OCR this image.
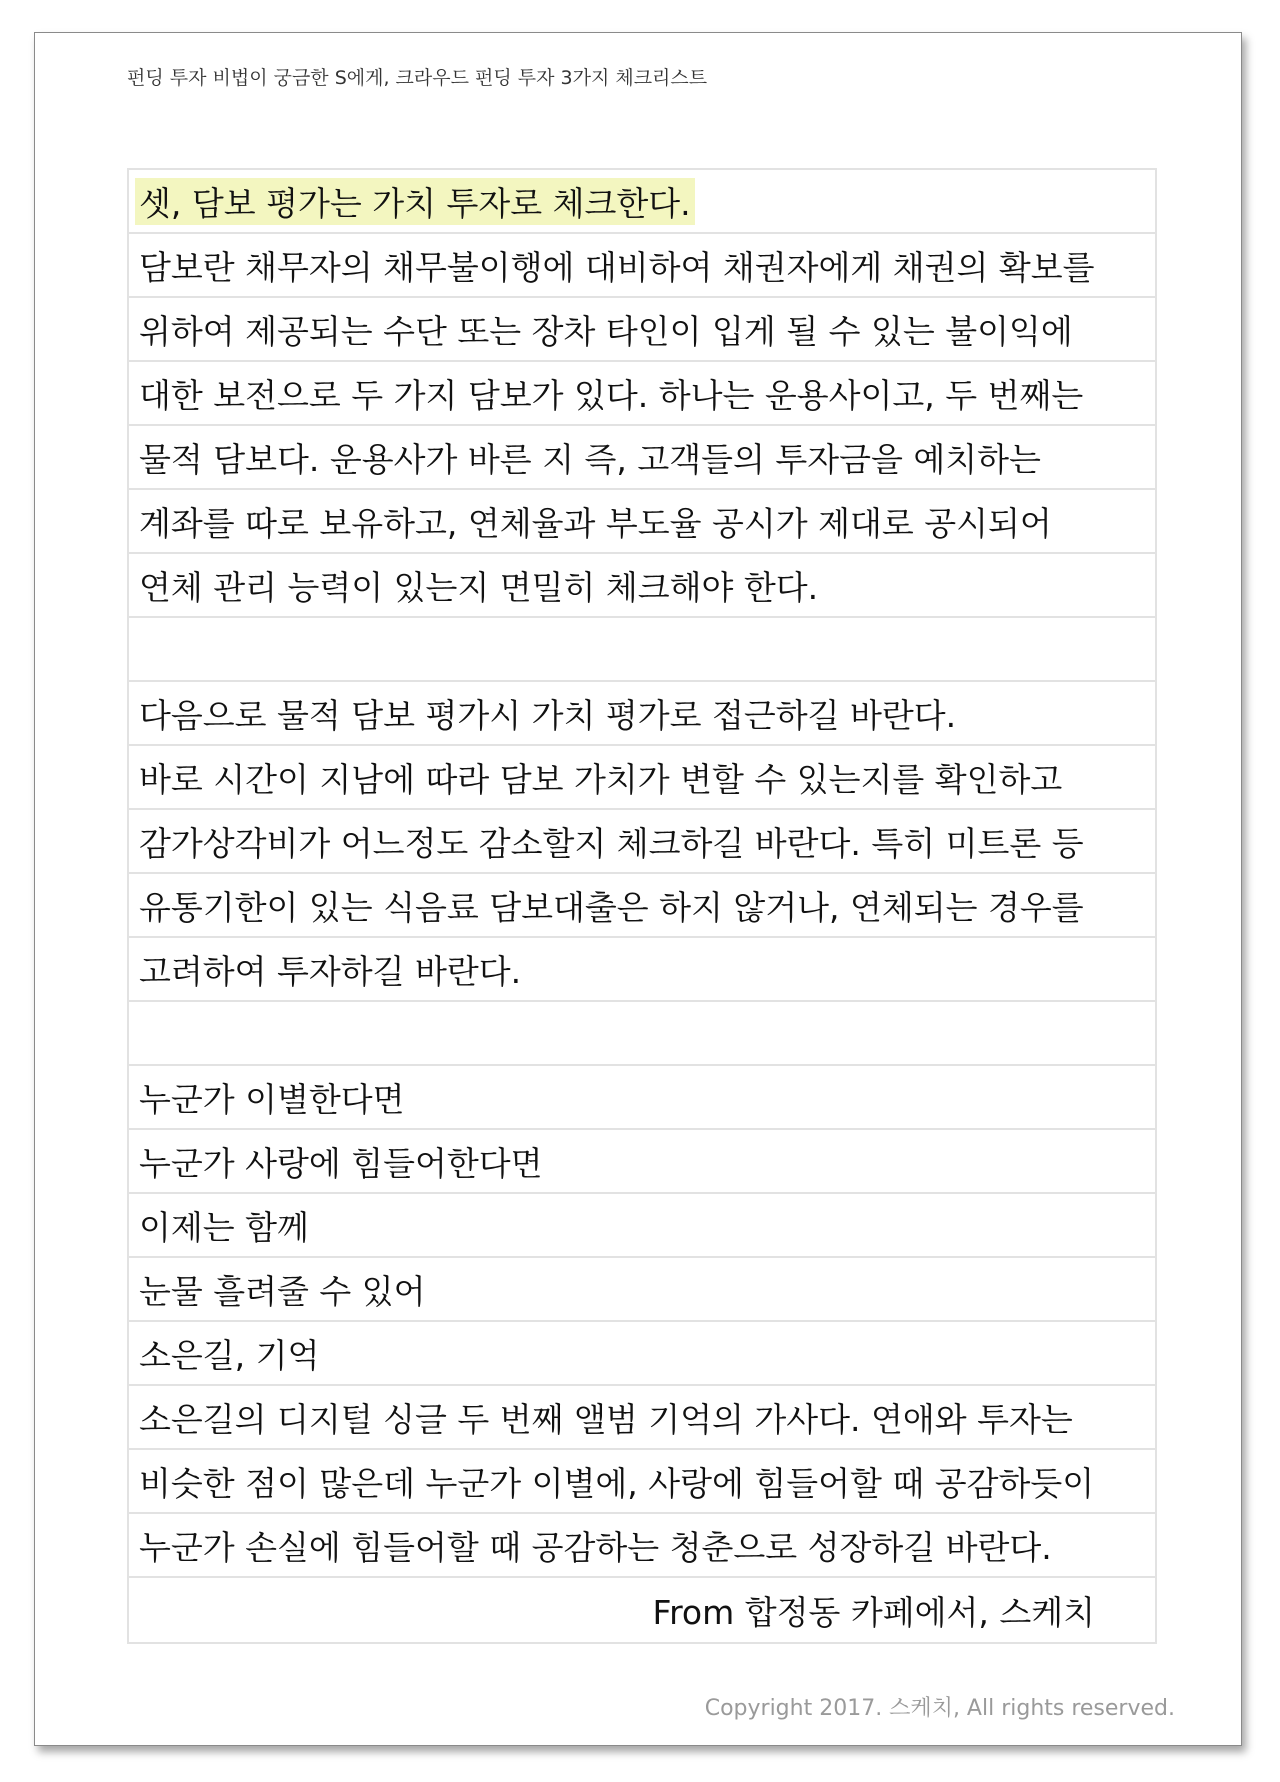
펀딩 투자 비법이 궁금한 S에게, 크라우드 펀딩 투자 3가지 체크리스트
셋, 담보 평가는 가치 투자로 체크한다.
담보란 채무자의 채무불이행에 대비하여 채권자에게 채권의 확보를
위하여 제공되는 수단 또는 장차 타인이 입게 될 수 있는 불이익에
대한 보전으로 두 가지 담보가 있다. 하나는 운용사이고, 두 번째는
물적 담보다. 운용사가 바른 지 즉, 고객들의 투자금을 예치하는
계좌를 따로 보유하고, 연체율과 부도율 공시가 제대로 공시되어
연체 관리 능력이 있는지 면밀히 체크해야 한다.
다음으로 물적 담보 평가시 가치 평가로 접근하길 바란다.
바로 시간이 지남에 따라 담보 가치가 변할 수 있는지를 확인하고
감가상각비가 어느정도 감소할지 체크하길 바란다. 특히 미트론 등
유통기한이 있는 식음료 담보대출은 하지 않거나, 연체되는 경우를
고려하여 투자하길 바란다.
누군가 이별한다면
누군가 사랑에 힘들어한다면
이제는 함께
눈물 흘려줄 수 있어
소은길, 기억
소은길의 디지털 싱글 두 번째 앨범 기억의 가사다. 연애와 투자는
비슷한 점이 많은데 누군가 이별에, 사랑에 힘들어할 때 공감하듯이
누군가 손실에 힘들어할 때 공감하는 청춘으로 성장하길 바란다.
From 합정동 카페에서, 스케치
Copyright 2017. 스케치, All rights reserved.
